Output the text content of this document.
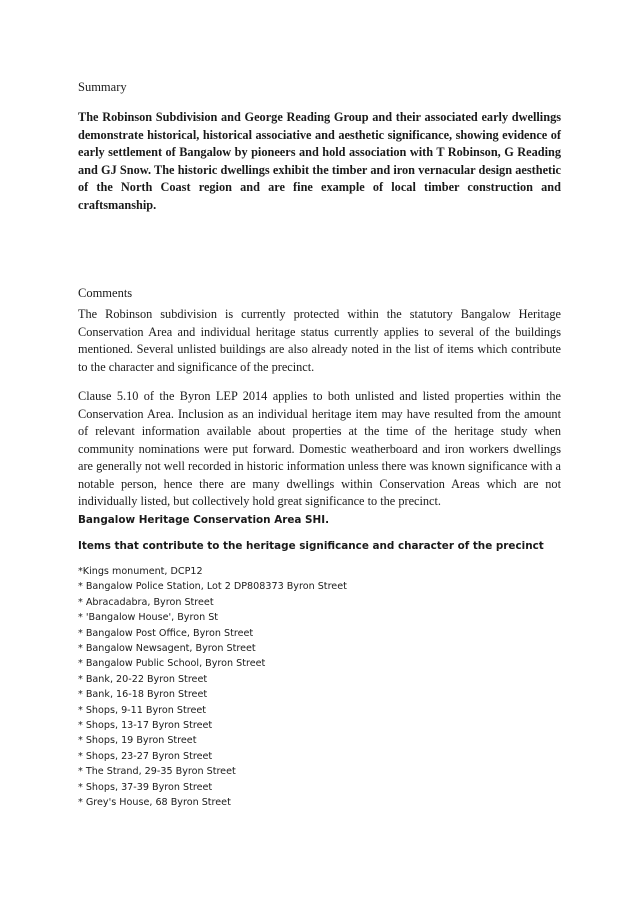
Summary
The Robinson Subdivision and George Reading Group and their associated early dwellings demonstrate historical, historical associative and aesthetic significance, showing evidence of early settlement of Bangalow by pioneers and hold association with T Robinson, G Reading and GJ Snow. The historic dwellings exhibit the timber and iron vernacular design aesthetic of the North Coast region and are fine example of local timber construction and craftsmanship.
Comments

The Robinson subdivision is currently protected within the statutory Bangalow Heritage Conservation Area and individual heritage status currently applies to several of the buildings mentioned. Several unlisted buildings are also already noted in the list of items which contribute to the character and significance of the precinct.

Clause 5.10 of the Byron LEP 2014 applies to both unlisted and listed properties within the Conservation Area. Inclusion as an individual heritage item may have resulted from the amount of relevant information available about properties at the time of the heritage study when community nominations were put forward. Domestic weatherboard and iron workers dwellings are generally not well recorded in historic information unless there was known significance with a notable person, hence there are many dwellings within Conservation Areas which are not individually listed, but collectively hold great significance to the precinct.

Bangalow Heritage Conservation Area SHI.
Items that contribute to the heritage significance and character of the precinct
*Kings monument, DCP12
* Bangalow Police Station, Lot 2 DP808373 Byron Street
* Abracadabra, Byron Street
* 'Bangalow House', Byron St
* Bangalow Post Office, Byron Street
* Bangalow Newsagent, Byron Street
* Bangalow Public School, Byron Street
* Bank, 20-22 Byron Street
* Bank, 16-18 Byron Street
* Shops, 9-11 Byron Street
* Shops, 13-17 Byron Street
* Shops, 19 Byron Street
* Shops, 23-27 Byron Street
* The Strand, 29-35 Byron Street
* Shops, 37-39 Byron Street
* Grey's House, 68 Byron Street
